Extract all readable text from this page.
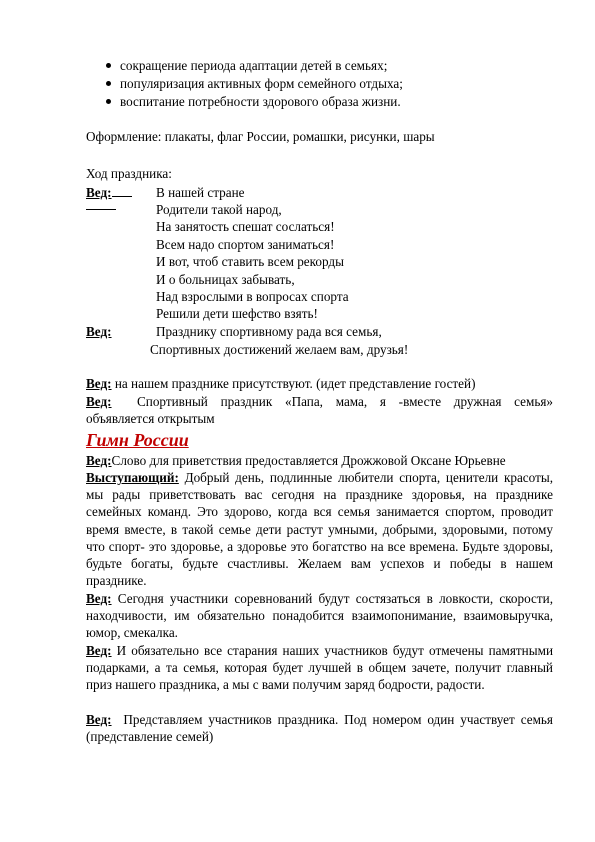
сокращение периода адаптации детей в семьях;
популяризация активных форм семейного отдыха;
воспитание потребности здорового образа жизни.
Оформление: плакаты, флаг России, ромашки, рисунки, шары
Ход праздника:
Вед:	В нашей стране
Родители такой народ,
На занятость спешат сослаться!
Всем надо спортом заниматься!
И вот, чтоб ставить всем рекорды
И о больницах забывать,
Над взрослыми в вопросах спорта
Решили дети шефство взять!
Вед:	Празднику спортивному рада вся семья,
Спортивных достижений желаем вам, друзья!
Вед: на нашем празднике присутствуют. (идет представление гостей)
Вед: Спортивный праздник «Папа, мама, я -вместе дружная семья»
объявляется открытым
Гимн России
Вед:Слово для приветствия предоставляется Дрожжовой Оксане Юрьевне
Выступающий: Добрый день, подлинные любители спорта, ценители красоты, мы рады приветствовать вас сегодня на празднике здоровья, на празднике семейных команд. Это здорово, когда вся семья занимается спортом, проводит время вместе, в такой семье дети растут умными, добрыми, здоровыми, потому что спорт- это здоровье, а здоровье это богатство на все времена. Будьте здоровы, будьте богаты, будьте счастливы. Желаем вам успехов и победы в нашем празднике.
Вед: Сегодня участники соревнований будут состязаться в ловкости, скорости, находчивости, им обязательно понадобится взаимопонимание, взаимовыручка, юмор, смекалка.
Вед: И обязательно все старания наших участников будут отмечены памятными подарками, а та семья, которая будет лучшей в общем зачете, получит главный приз нашего праздника, а мы с вами получим заряд бодрости, радости.
Вед: Представляем участников праздника. Под номером один участвует семья (представление семей)
